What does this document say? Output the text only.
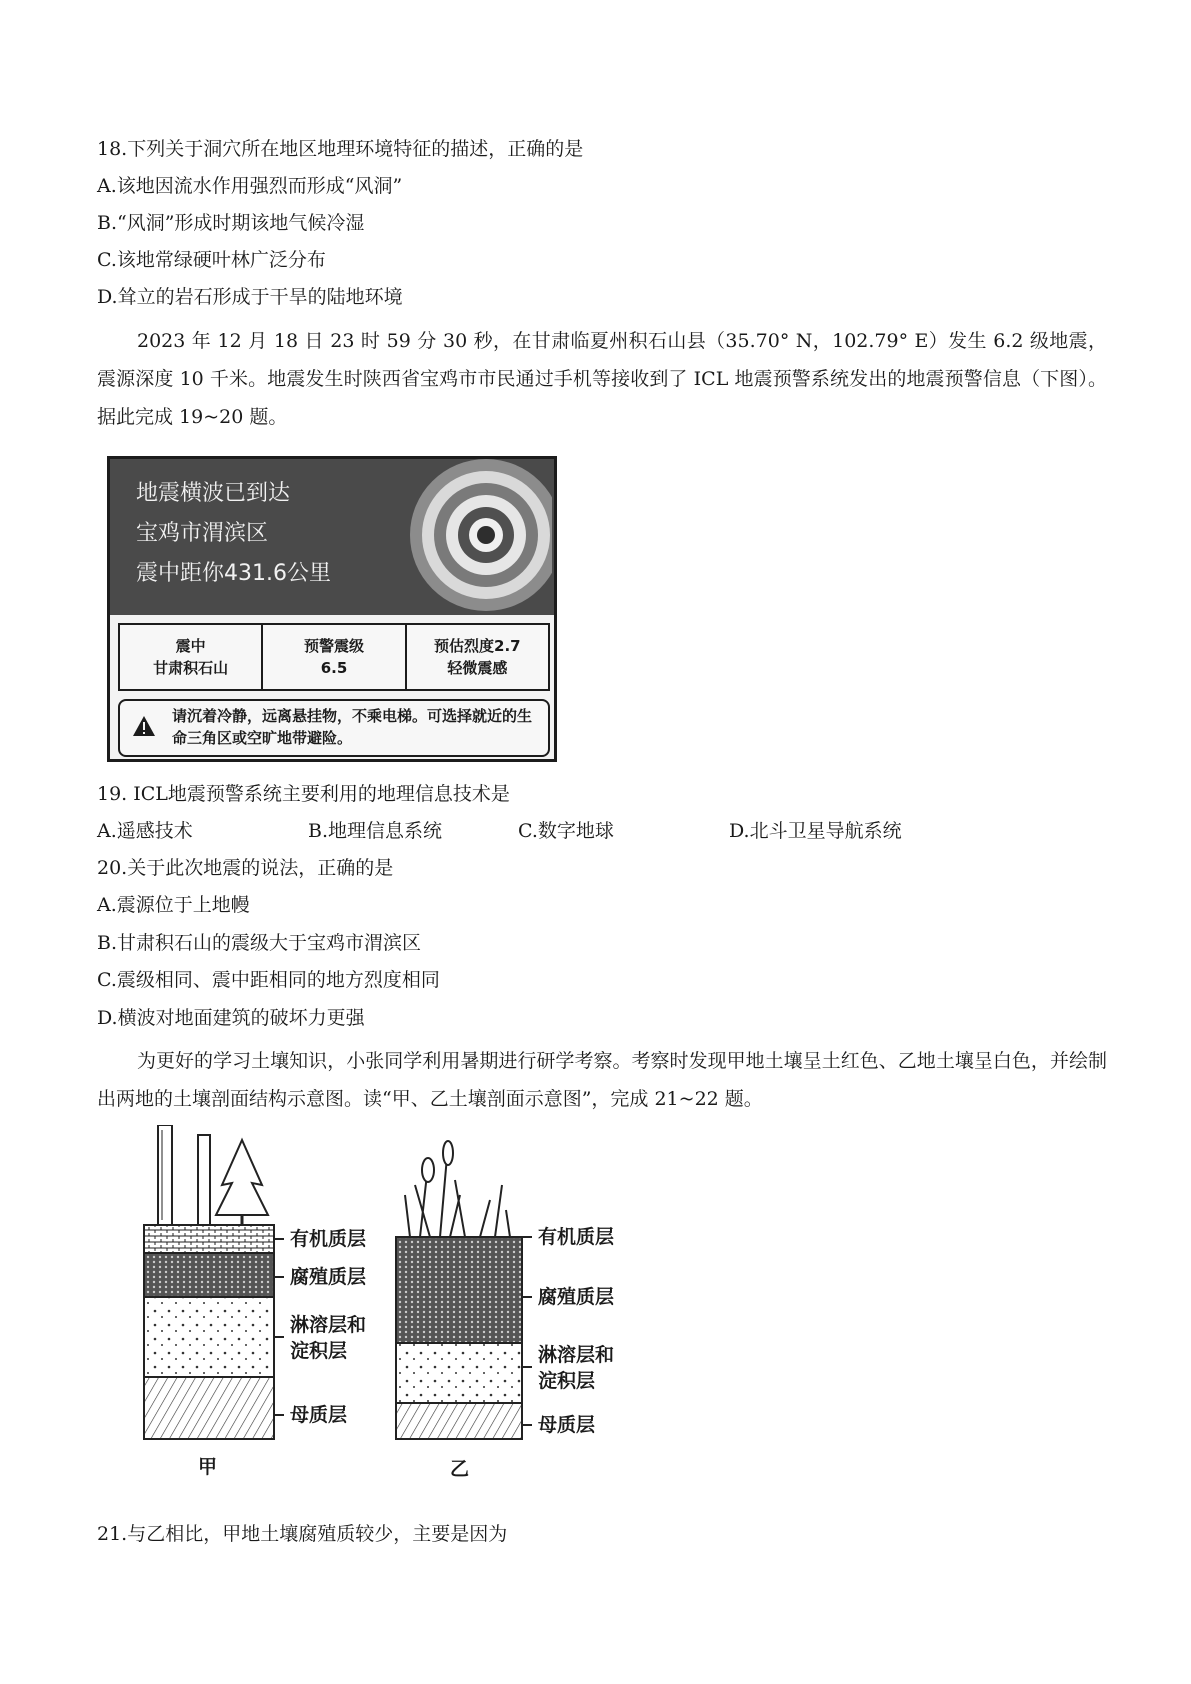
18.下列关于洞穴所在地区地理环境特征的描述，正确的是
A.该地因流水作用强烈而形成“风洞”
B.“风洞”形成时期该地气候冷湿
C.该地常绿硬叶林广泛分布
D.耸立的岩石形成于干旱的陆地环境
2023 年 12 月 18 日 23 时 59 分 30 秒，在甘肃临夏州积石山县（35.70° N，102.79° E）发生 6.2 级地震，震源深度 10 千米。地震发生时陕西省宝鸡市市民通过手机等接收到了 ICL 地震预警系统发出的地震预警信息（下图）。据此完成 19~20 题。
地震横波已到达
宝鸡市渭滨区
震中距你431.6公里
震中
甘肃积石山
预警震级
6.5
预估烈度2.7
轻微震感
请沉着冷静，远离悬挂物，不乘电梯。可选择就近的生命三角区或空旷地带避险。
19. ICL地震预警系统主要利用的地理信息技术是
A.遥感技术	B.地理信息系统	C.数字地球	D.北斗卫星导航系统
20.关于此次地震的说法，正确的是
A.震源位于上地幔
B.甘肃积石山的震级大于宝鸡市渭滨区
C.震级相同、震中距相同的地方烈度相同
D.横波对地面建筑的破坏力更强
为更好的学习土壤知识，小张同学利用暑期进行研学考察。考察时发现甲地土壤呈土红色、乙地土壤呈白色，并绘制出两地的土壤剖面结构示意图。读“甲、乙土壤剖面示意图”，完成 21~22 题。
有机质层
腐殖质层
淋溶层和
淀积层
母质层
甲
有机质层
腐殖质层
淋溶层和
淀积层
母质层
乙
21.与乙相比，甲地土壤腐殖质较少，主要是因为
